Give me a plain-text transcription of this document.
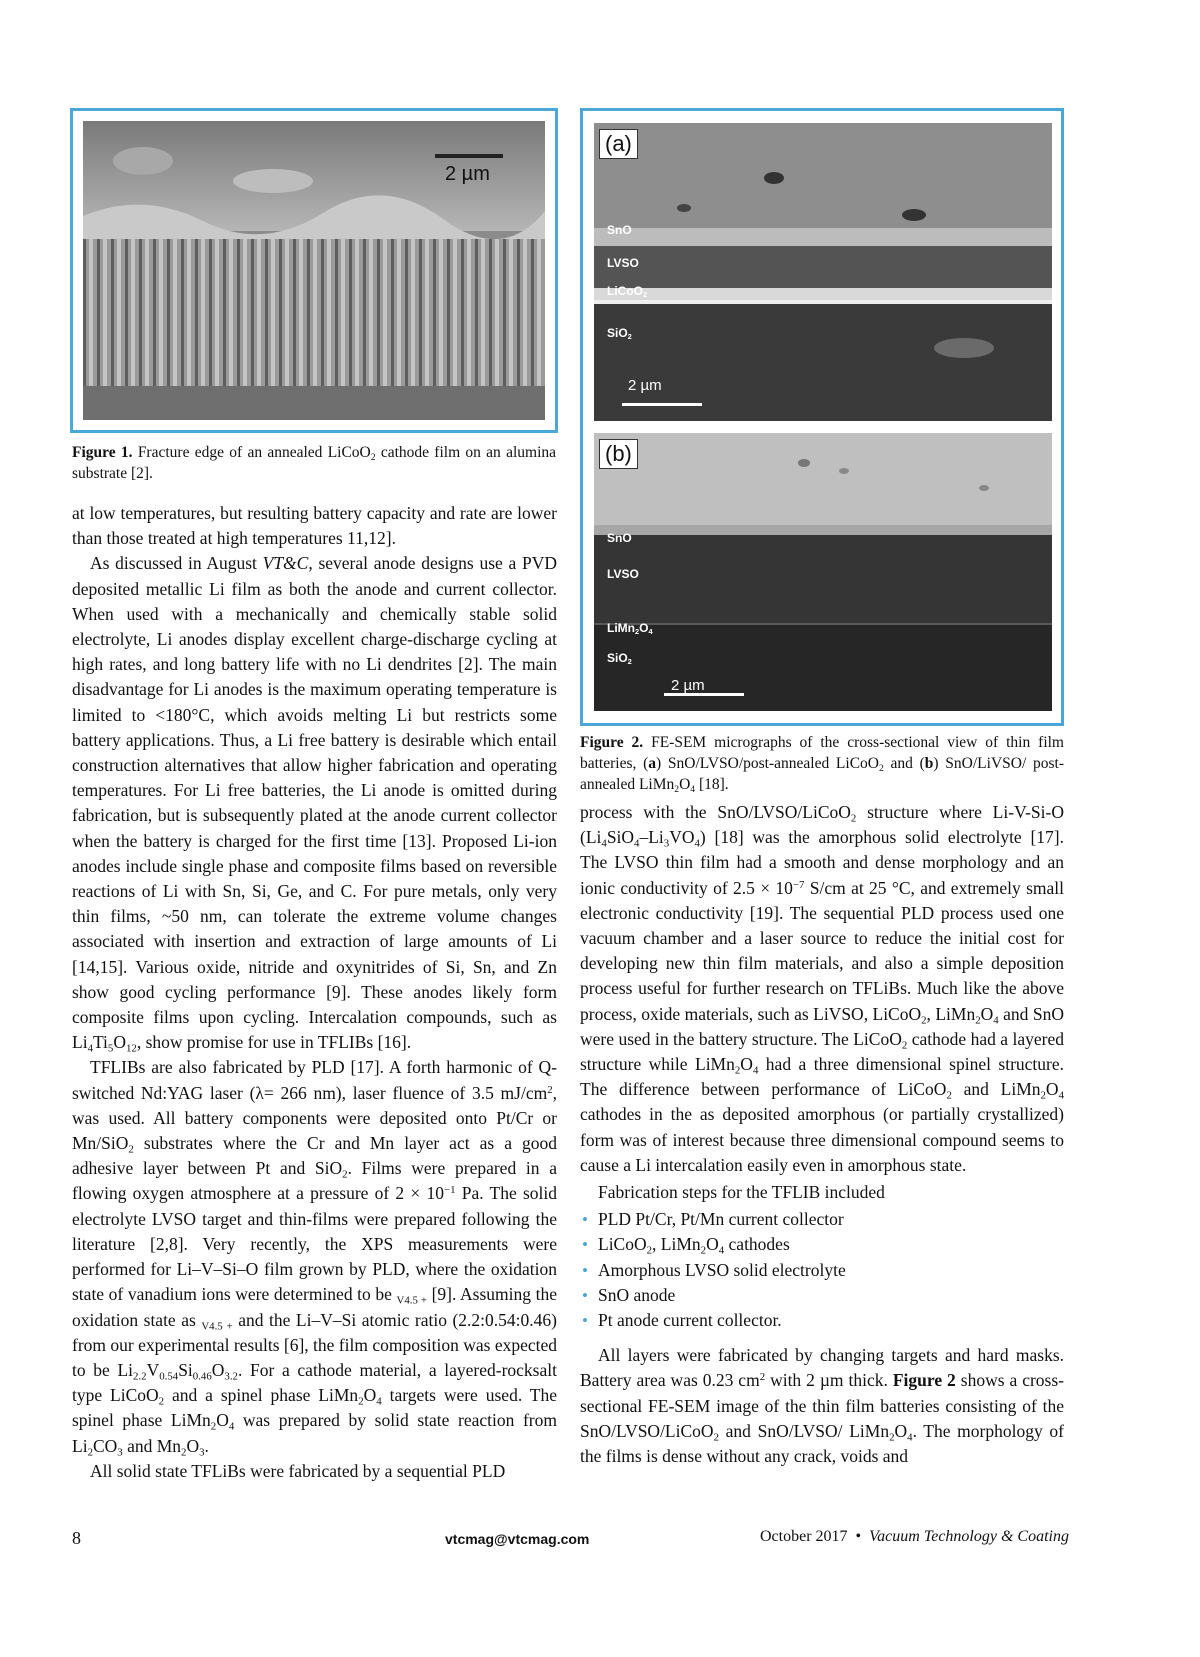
2 µm
Figure 1. Fracture edge of an annealed LiCoO$_2$ cathode film on an alumina substrate [2].
(a)
SnO
LVSO
LiCoO$_2$
SiO$_2$
2 µm
(b)
SnO
LVSO
$LiMn_2O_4$
SiO$_2$
2 µm
Figure 2. FE-SEM micrographs of the cross-sectional view of thin film batteries, (a) SnO/LVSO/post-annealed LiCoO$_2$ and (b) SnO/LiVSO/ post-annealed $LiMn_2O_4$ [18].

at low temperatures, but resulting battery capacity and rate are lower than those treated at high temperatures 11,12].

As discussed in August VT&C, several anode designs use a PVD deposited metallic Li film as both the anode and current collector. When used with a mechanically and chemically stable solid electrolyte, Li anodes display excellent charge-discharge cycling at high rates, and long battery life with no Li dendrites [2]. The main disadvantage for Li anodes is the maximum operating temperature is limited to <180°C, which avoids melting Li but restricts some battery applications. Thus, a Li free battery is desirable which entail construction alternatives that allow higher fabrication and operating temperatures. For Li free batteries, the Li anode is omitted during fabrication, but is subsequently plated at the anode current collector when the battery is charged for the first time [13]. Proposed Li-ion anodes include single phase and composite films based on reversible reactions of Li with Sn, Si, Ge, and C. For pure metals, only very thin films, ~50 nm, can tolerate the extreme volume changes associated with insertion and extraction of large amounts of Li [14,15]. Various oxide, nitride and oxynitrides of Si, Sn, and Zn show good cycling performance [9]. These anodes likely form composite films upon cycling. Intercalation compounds, such as $Li_4Ti_5O_{12}$, show promise for use in TFLIBs [16].

TFLIBs are also fabricated by PLD [17]. A forth harmonic of Q-switched Nd:YAG laser (λ= 266 nm), laser fluence of 3.5 $mJ/cm^2$, was used. All battery components were deposited onto Pt/Cr or Mn/SiO$_2$ substrates where the Cr and Mn layer act as a good adhesive layer between Pt and SiO$_2$. Films were prepared in a flowing oxygen atmosphere at a pressure of $2 \times 10^{-1}$ Pa. The solid electrolyte LVSO target and thin-films were prepared following the literature [2,8]. Very recently, the XPS measurements were performed for Li–V–Si–O film grown by PLD, where the oxidation state of vanadium ions were determined to be $_{V4.5 +}$ [9]. Assuming the oxidation state as $_{V4.5 +}$ and the Li–V–Si atomic ratio (2.2:0.54:0.46) from our experimental results [6], the film composition was expected to be $Li_{2.2}V_{0.54}Si_{0.46}O_{3.2}$. For a cathode material, a layered-rocksalt type LiCoO$_2$ and a spinel phase $LiMn_2O_4$ targets were used. The spinel phase $LiMn_2O_4$ was prepared by solid state reaction from $Li_2CO_3$ and $Mn_2O_3$.

All solid state TFLiBs were fabricated by a sequential PLD

process with the SnO/LVSO/LiCoO$_2$ structure where Li-V-Si-O $(Li_4SiO_4-Li_3VO_4)$ [18] was the amorphous solid electrolyte [17]. The LVSO thin film had a smooth and dense morphology and an ionic conductivity of $2.5 \times 10^{-7}$ S/cm at 25 °C, and extremely small electronic conductivity [19]. The sequential PLD process used one vacuum chamber and a laser source to reduce the initial cost for developing new thin film materials, and also a simple deposition process useful for further research on TFLiBs. Much like the above process, oxide materials, such as LiVSO, LiCoO$_2$, $LiMn_2O_4$ and SnO were used in the battery structure. The LiCoO$_2$ cathode had a layered structure while $LiMn_2O_4$ had a three dimensional spinel structure. The difference between performance of LiCoO$_2$ and $LiMn_2O_4$ cathodes in the as deposited amorphous (or partially crystallized) form was of interest because three dimensional compound seems to cause a Li intercalation easily even in amorphous state.

Fabrication steps for the TFLIB included

• PLD Pt/Cr, Pt/Mn current collector
• LiCoO$_2$, $LiMn_2O_4$ cathodes
• Amorphous LVSO solid electrolyte
• SnO anode
• Pt anode current collector.

All layers were fabricated by changing targets and hard masks. Battery area was 0.23 $cm^2$ with 2 µm thick. Figure 2 shows a cross-sectional FE-SEM image of the thin film batteries consisting of the SnO/LVSO/LiCoO$_2$ and SnO/LVSO/ $LiMn_2O_4$. The morphology of the films is dense without any crack, voids and

8	vtcmag@vtcmag.com	October 2017  •  Vacuum Technology & Coating
